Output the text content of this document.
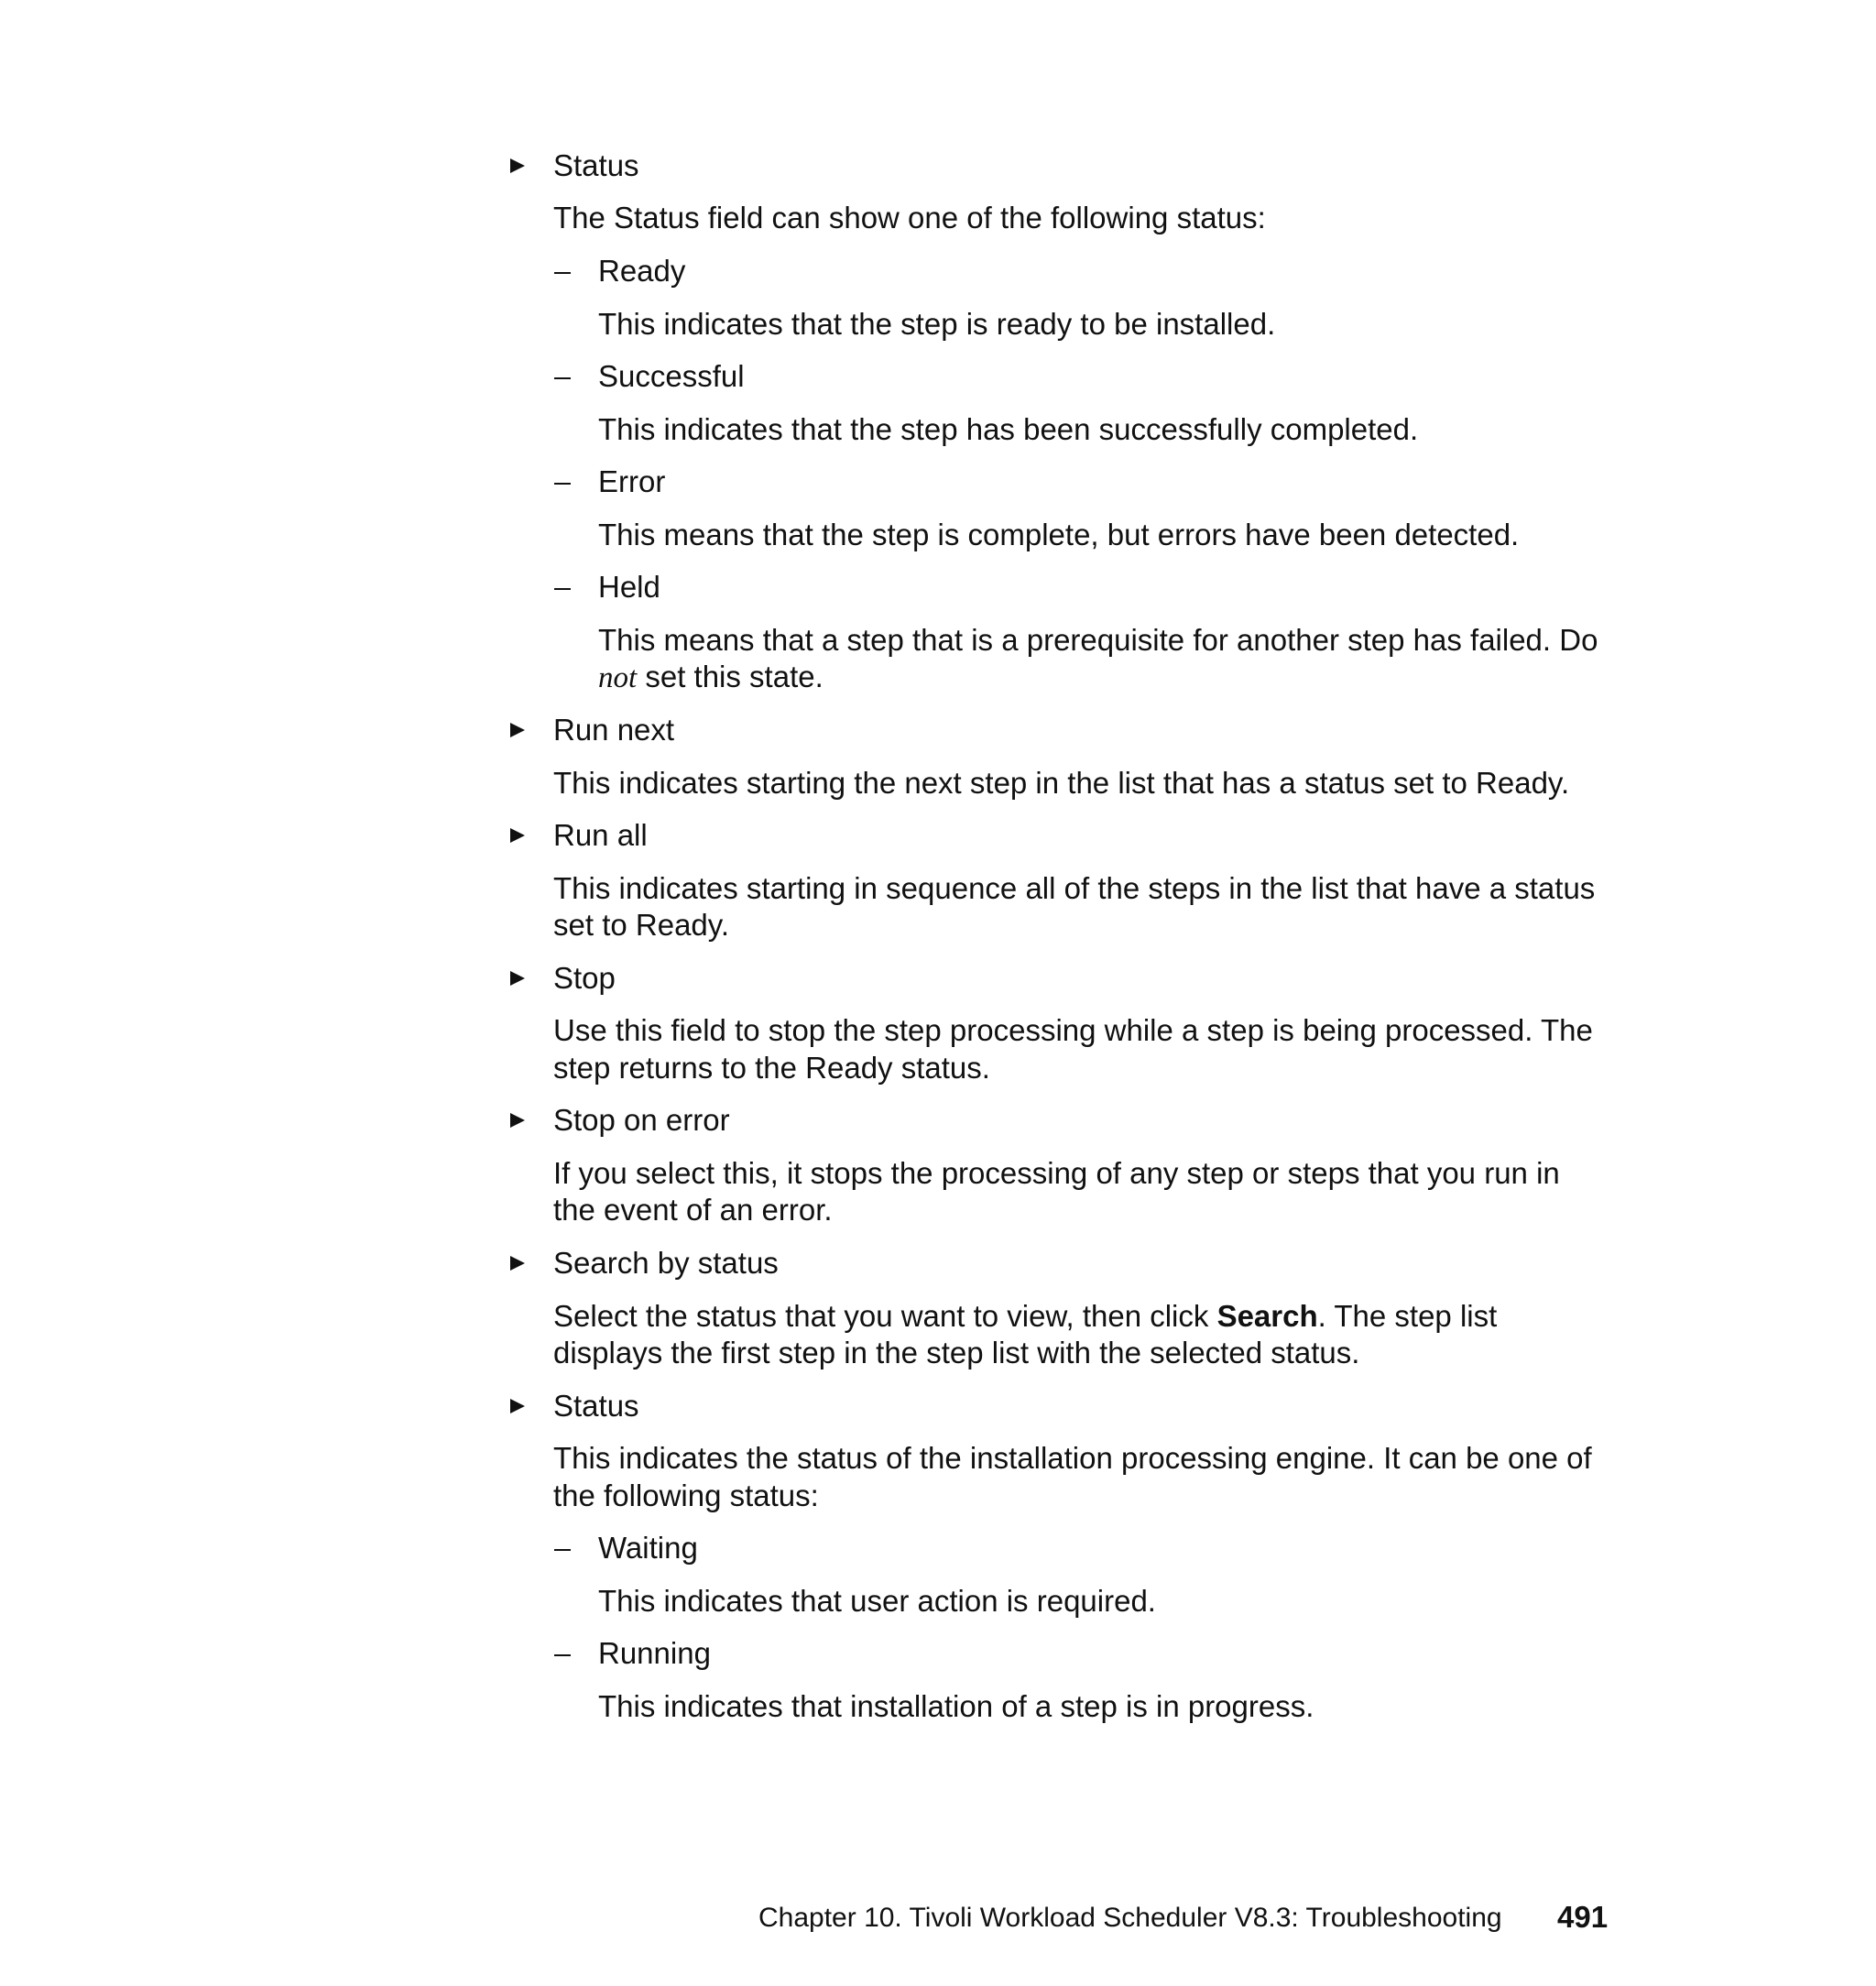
Status
The Status field can show one of the following status:
Ready
This indicates that the step is ready to be installed.
Successful
This indicates that the step has been successfully completed.
Error
This means that the step is complete, but errors have been detected.
Held
This means that a step that is a prerequisite for another step has failed. Do
not set this state.
Run next
This indicates starting the next step in the list that has a status set to Ready.
Run all
This indicates starting in sequence all of the steps in the list that have a status
set to Ready.
Stop
Use this field to stop the step processing while a step is being processed. The
step returns to the Ready status.
Stop on error
If you select this, it stops the processing of any step or steps that you run in
the event of an error.
Search by status
Select the status that you want to view, then click Search. The step list
displays the first step in the step list with the selected status.
Status
This indicates the status of the installation processing engine. It can be one of
the following status:
Waiting
This indicates that user action is required.
Running
This indicates that installation of a step is in progress.
Chapter 10. Tivoli Workload Scheduler V8.3: Troubleshooting 491
